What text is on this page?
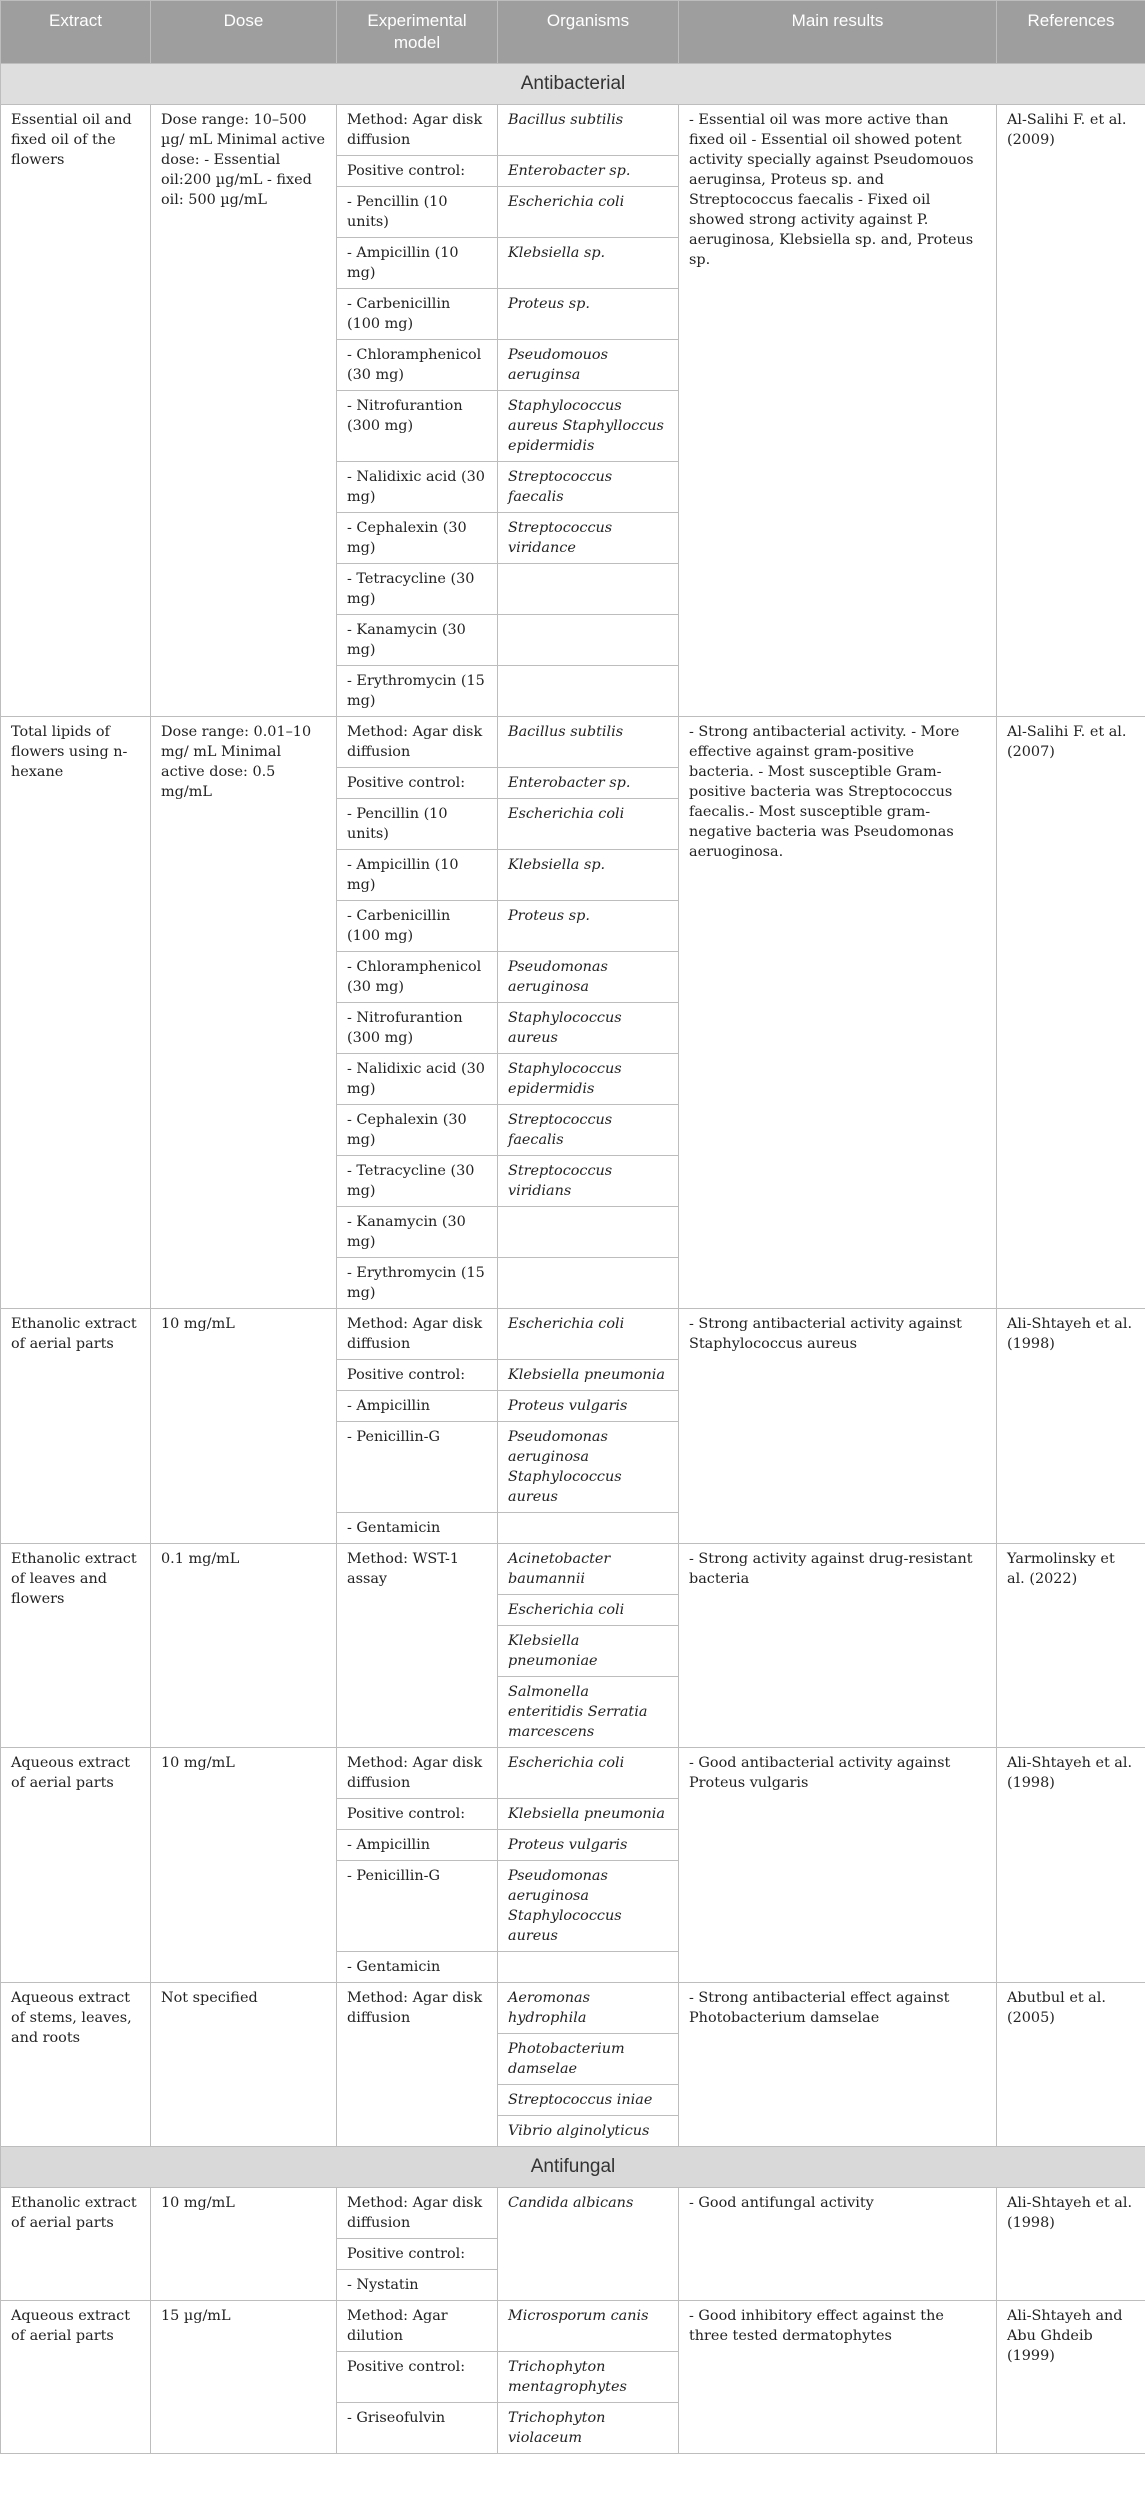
Extract	Dose	Experimental model	Organisms	Main results	References
Antibacterial					
Essential oil and fixed oil of the flowers	Dose range: 10–500 µg/ mL Minimal active dose: - Essential oil:200 µg/mL - fixed oil: 500 µg/mL	Method: Agar disk diffusion	Bacillus subtilis	- Essential oil was more active than fixed oil - Essential oil showed potent activity specially against Pseudomouos aeruginsa, Proteus sp. and Streptococcus faecalis - Fixed oil showed strong activity against P. aeruginosa, Klebsiella sp. and, Proteus sp.	Al-Salihi F. et al. (2009)
		Positive control:	Enterobacter sp.		
		- Pencillin (10 units)	Escherichia coli		
		- Ampicillin (10 mg)	Klebsiella sp.		
		- Carbenicillin (100 mg)	Proteus sp.		
		- Chloramphenicol (30 mg)	Pseudomouos aeruginsa		
		- Nitrofurantion (300 mg)	Staphylococcus aureus Staphylloccus epidermidis		
		- Nalidixic acid (30 mg)	Streptococcus faecalis		
		- Cephalexin (30 mg)	Streptococcus viridance		
		- Tetracycline (30 mg)			
		- Kanamycin (30 mg)			
		- Erythromycin (15 mg)			
Total lipids of flowers using n-hexane	Dose range: 0.01–10 mg/ mL Minimal active dose: 0.5 mg/mL	Method: Agar disk diffusion	Bacillus subtilis	- Strong antibacterial activity. - More effective against gram-positive bacteria. - Most susceptible Gram-positive bacteria was Streptococcus faecalis.- Most susceptible gram-negative bacteria was Pseudomonas aeruoginosa.	Al-Salihi F. et al. (2007)
		Positive control:	Enterobacter sp.		
		- Pencillin (10 units)	Escherichia coli		
		- Ampicillin (10 mg)	Klebsiella sp.		
		- Carbenicillin (100 mg)	Proteus sp.		
		- Chloramphenicol (30 mg)	Pseudomonas aeruginosa		
		- Nitrofurantion (300 mg)	Staphylococcus aureus		
		- Nalidixic acid (30 mg)	Staphylococcus epidermidis		
		- Cephalexin (30 mg)	Streptococcus faecalis		
		- Tetracycline (30 mg)	Streptococcus viridians		
		- Kanamycin (30 mg)			
		- Erythromycin (15 mg)			
Ethanolic extract of aerial parts	10 mg/mL	Method: Agar disk diffusion	Escherichia coli	- Strong antibacterial activity against Staphylococcus aureus	Ali-Shtayeh et al. (1998)
		Positive control:	Klebsiella pneumonia		
		- Ampicillin	Proteus vulgaris		
		- Penicillin-G	Pseudomonas aeruginosa Staphylococcus aureus		
		- Gentamicin			
Ethanolic extract of leaves and flowers	0.1 mg/mL	Method: WST-1 assay	Acinetobacter baumannii	- Strong activity against drug-resistant bacteria	Yarmolinsky et al. (2022)
			Escherichia coli		
			Klebsiella pneumoniae		
			Salmonella enteritidis Serratia marcescens		
Aqueous extract of aerial parts	10 mg/mL	Method: Agar disk diffusion	Escherichia coli	- Good antibacterial activity against Proteus vulgaris	Ali-Shtayeh et al. (1998)
		Positive control:	Klebsiella pneumonia		
		- Ampicillin	Proteus vulgaris		
		- Penicillin-G	Pseudomonas aeruginosa Staphylococcus aureus		
		- Gentamicin			
Aqueous extract of stems, leaves, and roots	Not specified	Method: Agar disk diffusion	Aeromonas hydrophila	- Strong antibacterial effect against Photobacterium damselae	Abutbul et al. (2005)
			Photobacterium damselae		
			Streptococcus iniae		
			Vibrio alginolyticus		
Antifungal					
Ethanolic extract of aerial parts	10 mg/mL	Method: Agar disk diffusion	Candida albicans	- Good antifungal activity	Ali-Shtayeh et al. (1998)
		Positive control:			
		- Nystatin			
Aqueous extract of aerial parts	15 µg/mL	Method: Agar dilution	Microsporum canis	- Good inhibitory effect against the three tested dermatophytes	Ali-Shtayeh and Abu Ghdeib (1999)
		Positive control:	Trichophyton mentagrophytes		
		- Griseofulvin	Trichophyton violaceum		
